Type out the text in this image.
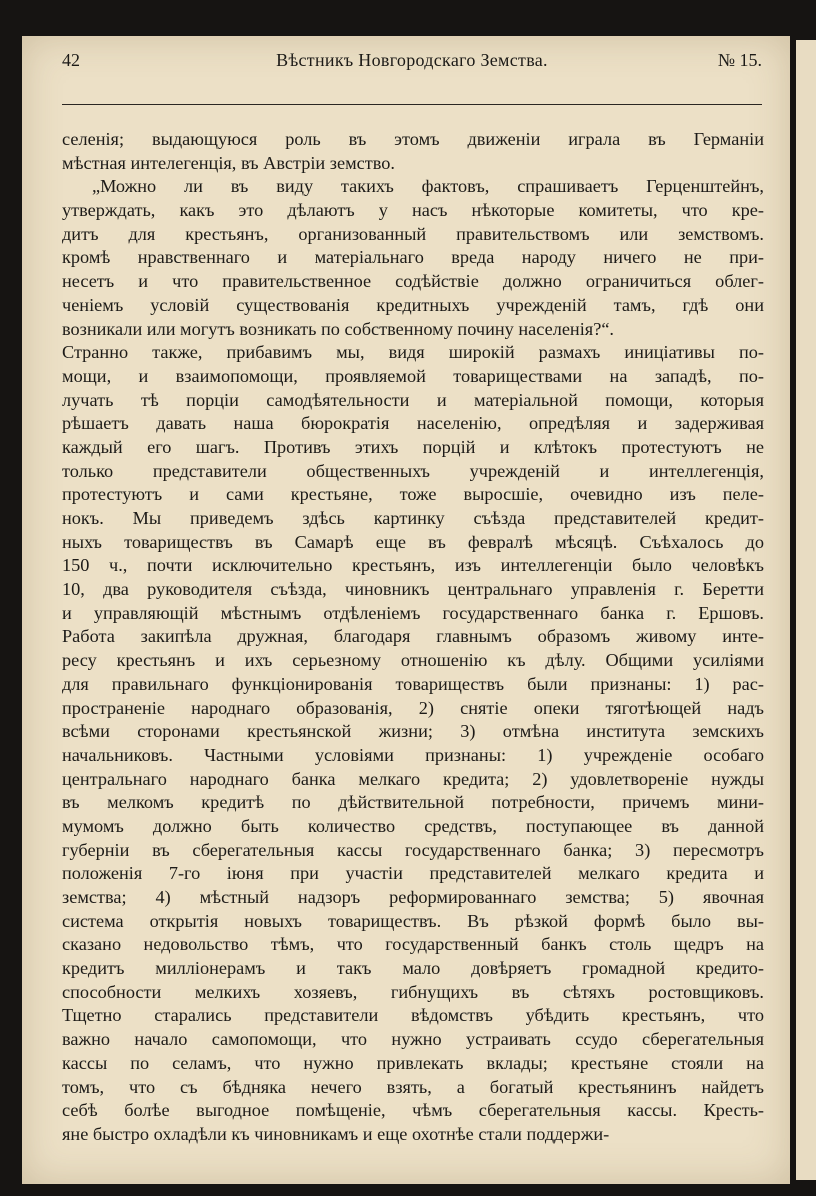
42	Вѣстникъ Новгородскаго Земства.	№ 15.
селенія; выдающуюся роль въ этомъ движеніи играла въ Германіи
мѣстная интелегенція, въ Австріи земство.
„Можно ли въ виду такихъ фактовъ, спрашиваетъ Герценштейнъ,
утверждать, какъ это дѣлаютъ у насъ нѣкоторые комитеты, что кре-
дитъ для крестьянъ, организованный правительствомъ или земствомъ.
кромѣ нравственнаго и матеріальнаго вреда народу ничего не при-
несетъ и что правительственное содѣйствіе должно ограничиться облег-
ченіемъ условій существованія кредитныхъ учрежденій тамъ, гдѣ они
возникали или могутъ возникать по собственному почину населенія?“.
Странно также, прибавимъ мы, видя широкій размахъ иниціативы по-
мощи, и взаимопомощи, проявляемой товариществами на западѣ, по-
лучать тѣ порціи самодѣятельности и матеріальной помощи, которыя
рѣшаетъ давать наша бюрократія населенію, опредѣляя и задерживая
каждый его шагъ. Противъ этихъ порцій и клѣтокъ протестуютъ не
только представители общественныхъ учрежденій и интеллегенція,
протестуютъ и сами крестьяне, тоже выросшіе, очевидно изъ пеле-
нокъ. Мы приведемъ здѣсь картинку съѣзда представителей кредит-
ныхъ товариществъ въ Самарѣ еще въ февралѣ мѣсяцѣ. Съѣхалось до
150 ч., почти исключительно крестьянъ, изъ интеллегенціи было человѣкъ
10, два руководителя съѣзда, чиновникъ центральнаго управленія г. Беретти
и управляющій мѣстнымъ отдѣленіемъ государственнаго банка г. Ершовъ.
Работа закипѣла дружная, благодаря главнымъ образомъ живому инте-
ресу крестьянъ и ихъ серьезному отношенію къ дѣлу. Общими усиліями
для правильнаго функціонированія товариществъ были признаны: 1) рас-
пространеніе народнаго образованія, 2) снятіе опеки тяготѣющей надъ
всѣми сторонами крестьянской жизни; 3) отмѣна института земскихъ
начальниковъ. Частными условіями признаны: 1) учрежденіе особаго
центральнаго народнаго банка мелкаго кредита; 2) удовлетвореніе нужды
въ мелкомъ кредитѣ по дѣйствительной потребности, причемъ мини-
мумомъ должно быть количество средствъ, поступающее въ данной
губерніи въ сберегательныя кассы государственнаго банка; 3) пересмотръ
положенія 7-го іюня при участіи представителей мелкаго кредита и
земства; 4) мѣстный надзоръ реформированнаго земства; 5) явочная
система открытія новыхъ товариществъ. Въ рѣзкой формѣ было вы-
сказано недовольство тѣмъ, что государственный банкъ столь щедръ на
кредитъ милліонерамъ и такъ мало довѣряетъ громадной кредито-
способности мелкихъ хозяевъ, гибнущихъ въ сѣтяхъ ростовщиковъ.
Тщетно старались представители вѣдомствъ убѣдить крестьянъ, что
важно начало самопомощи, что нужно устраивать ссудо сберегательныя
кассы по селамъ, что нужно привлекать вклады; крестьяне стояли на
томъ, что съ бѣдняка нечего взять, а богатый крестьянинъ найдетъ
себѣ болѣе выгодное помѣщеніе, чѣмъ сберегательныя кассы. Кресть-
яне быстро охладѣли къ чиновникамъ и еще охотнѣе стали поддержи-
